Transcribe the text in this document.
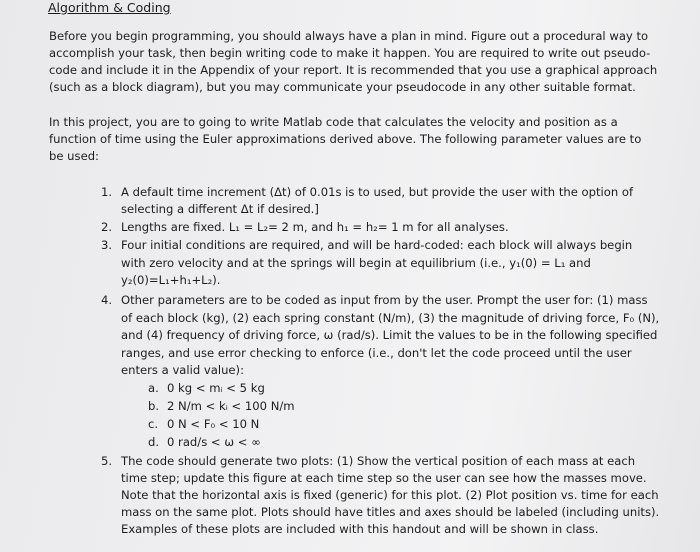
Algorithm & Coding
Before you begin programming, you should always have a plan in mind. Figure out a procedural way to
accomplish your task, then begin writing code to make it happen. You are required to write out pseudo-
code and include it in the Appendix of your report. It is recommended that you use a graphical approach
(such as a block diagram), but you may communicate your pseudocode in any other suitable format.
In this project, you are to going to write Matlab code that calculates the velocity and position as a
function of time using the Euler approximations derived above. The following parameter values are to
be used:
1. A default time increment (Δt) of 0.01s is to used, but provide the user with the option of
selecting a different Δt if desired.]
2. Lengths are fixed. L₁ = L₂= 2 m, and h₁ = h₂= 1 m for all analyses.
3. Four initial conditions are required, and will be hard-coded: each block will always begin
with zero velocity and at the springs will begin at equilibrium (i.e., y₁(0) = L₁ and
y₂(0)=L₁+h₁+L₂).
4. Other parameters are to be coded as input from by the user. Prompt the user for: (1) mass
of each block (kg), (2) each spring constant (N/m), (3) the magnitude of driving force, F₀ (N),
and (4) frequency of driving force, ω (rad/s). Limit the values to be in the following specified
ranges, and use error checking to enforce (i.e., don't let the code proceed until the user
enters a valid value):
a. 0 kg < mᵢ < 5 kg
b. 2 N/m < kᵢ < 100 N/m
c. 0 N < F₀ < 10 N
d. 0 rad/s < ω < ∞
5. The code should generate two plots: (1) Show the vertical position of each mass at each
time step; update this figure at each time step so the user can see how the masses move.
Note that the horizontal axis is fixed (generic) for this plot. (2) Plot position vs. time for each
mass on the same plot. Plots should have titles and axes should be labeled (including units).
Examples of these plots are included with this handout and will be shown in class.
